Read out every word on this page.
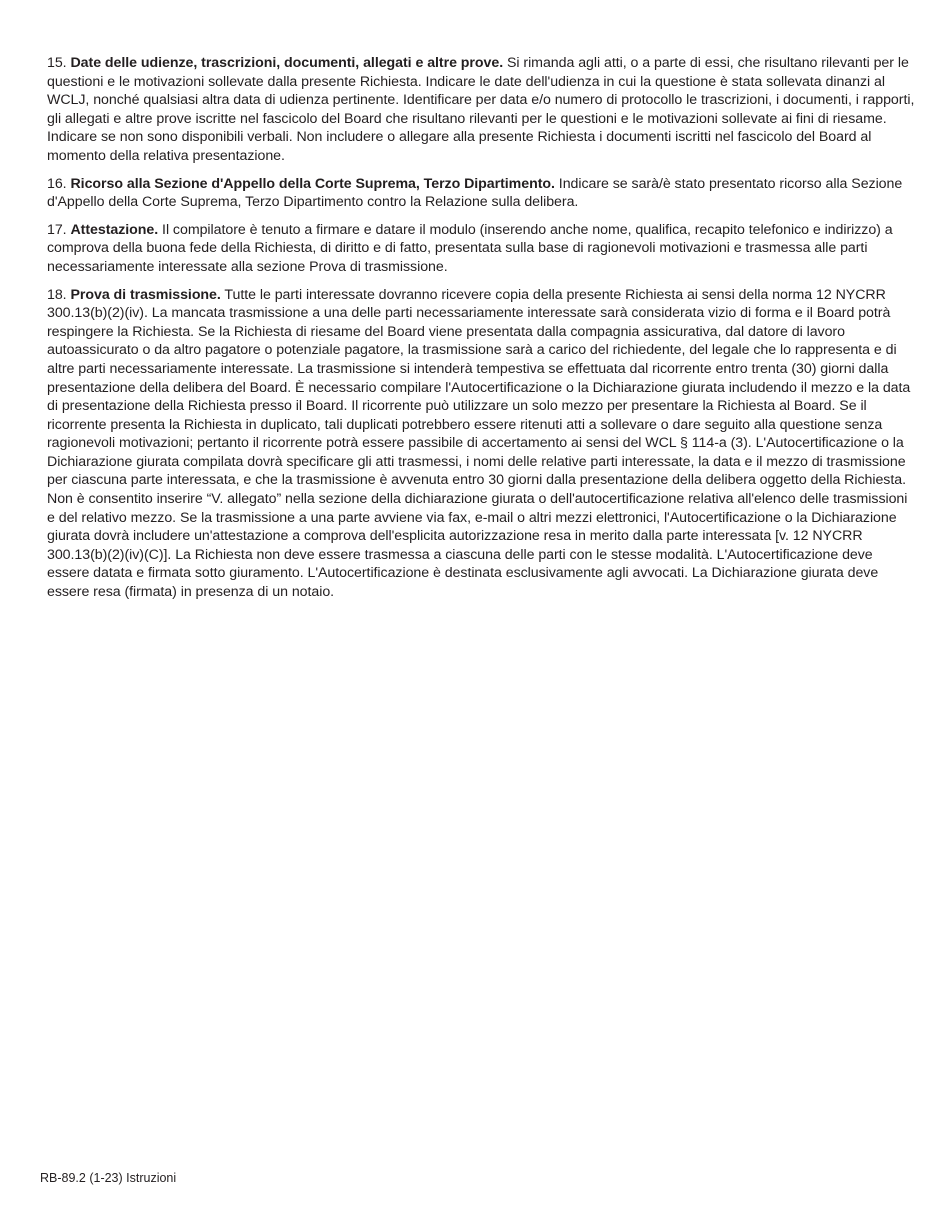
15. Date delle udienze, trascrizioni, documenti, allegati e altre prove. Si rimanda agli atti, o a parte di essi, che risultano rilevanti per le questioni e le motivazioni sollevate dalla presente Richiesta. Indicare le date dell'udienza in cui la questione è stata sollevata dinanzi al WCLJ, nonché qualsiasi altra data di udienza pertinente. Identificare per data e/o numero di protocollo le trascrizioni, i documenti, i rapporti, gli allegati e altre prove iscritte nel fascicolo del Board che risultano rilevanti per le questioni e le motivazioni sollevate ai fini di riesame. Indicare se non sono disponibili verbali. Non includere o allegare alla presente Richiesta i documenti iscritti nel fascicolo del Board al momento della relativa presentazione.

16. Ricorso alla Sezione d'Appello della Corte Suprema, Terzo Dipartimento. Indicare se sarà/è stato presentato ricorso alla Sezione d'Appello della Corte Suprema, Terzo Dipartimento contro la Relazione sulla delibera.

17. Attestazione. Il compilatore è tenuto a firmare e datare il modulo (inserendo anche nome, qualifica, recapito telefonico e indirizzo) a comprova della buona fede della Richiesta, di diritto e di fatto, presentata sulla base di ragionevoli motivazioni e trasmessa alle parti necessariamente interessate alla sezione Prova di trasmissione.

18. Prova di trasmissione. Tutte le parti interessate dovranno ricevere copia della presente Richiesta ai sensi della norma 12 NYCRR 300.13(b)(2)(iv). La mancata trasmissione a una delle parti necessariamente interessate sarà considerata vizio di forma e il Board potrà respingere la Richiesta. Se la Richiesta di riesame del Board viene presentata dalla compagnia assicurativa, dal datore di lavoro autoassicurato o da altro pagatore o potenziale pagatore, la trasmissione sarà a carico del richiedente, del legale che lo rappresenta e di altre parti necessariamente interessate. La trasmissione si intenderà tempestiva se effettuata dal ricorrente entro trenta (30) giorni dalla presentazione della delibera del Board. È necessario compilare l'Autocertificazione o la Dichiarazione giurata includendo il mezzo e la data di presentazione della Richiesta presso il Board. Il ricorrente può utilizzare un solo mezzo per presentare la Richiesta al Board. Se il ricorrente presenta la Richiesta in duplicato, tali duplicati potrebbero essere ritenuti atti a sollevare o dare seguito alla questione senza ragionevoli motivazioni; pertanto il ricorrente potrà essere passibile di accertamento ai sensi del WCL § 114-a (3). L'Autocertificazione o la Dichiarazione giurata compilata dovrà specificare gli atti trasmessi, i nomi delle relative parti interessate, la data e il mezzo di trasmissione per ciascuna parte interessata, e che la trasmissione è avvenuta entro 30 giorni dalla presentazione della delibera oggetto della Richiesta. Non è consentito inserire “V. allegato” nella sezione della dichiarazione giurata o dell'autocertificazione relativa all'elenco delle trasmissioni e del relativo mezzo. Se la trasmissione a una parte avviene via fax, e-mail o altri mezzi elettronici, l'Autocertificazione o la Dichiarazione giurata dovrà includere un'attestazione a comprova dell'esplicita autorizzazione resa in merito dalla parte interessata [v. 12 NYCRR 300.13(b)(2)(iv)(C)]. La Richiesta non deve essere trasmessa a ciascuna delle parti con le stesse modalità. L'Autocertificazione deve essere datata e firmata sotto giuramento. L'Autocertificazione è destinata esclusivamente agli avvocati. La Dichiarazione giurata deve essere resa (firmata) in presenza di un notaio.

RB-89.2 (1-23) Istruzioni
